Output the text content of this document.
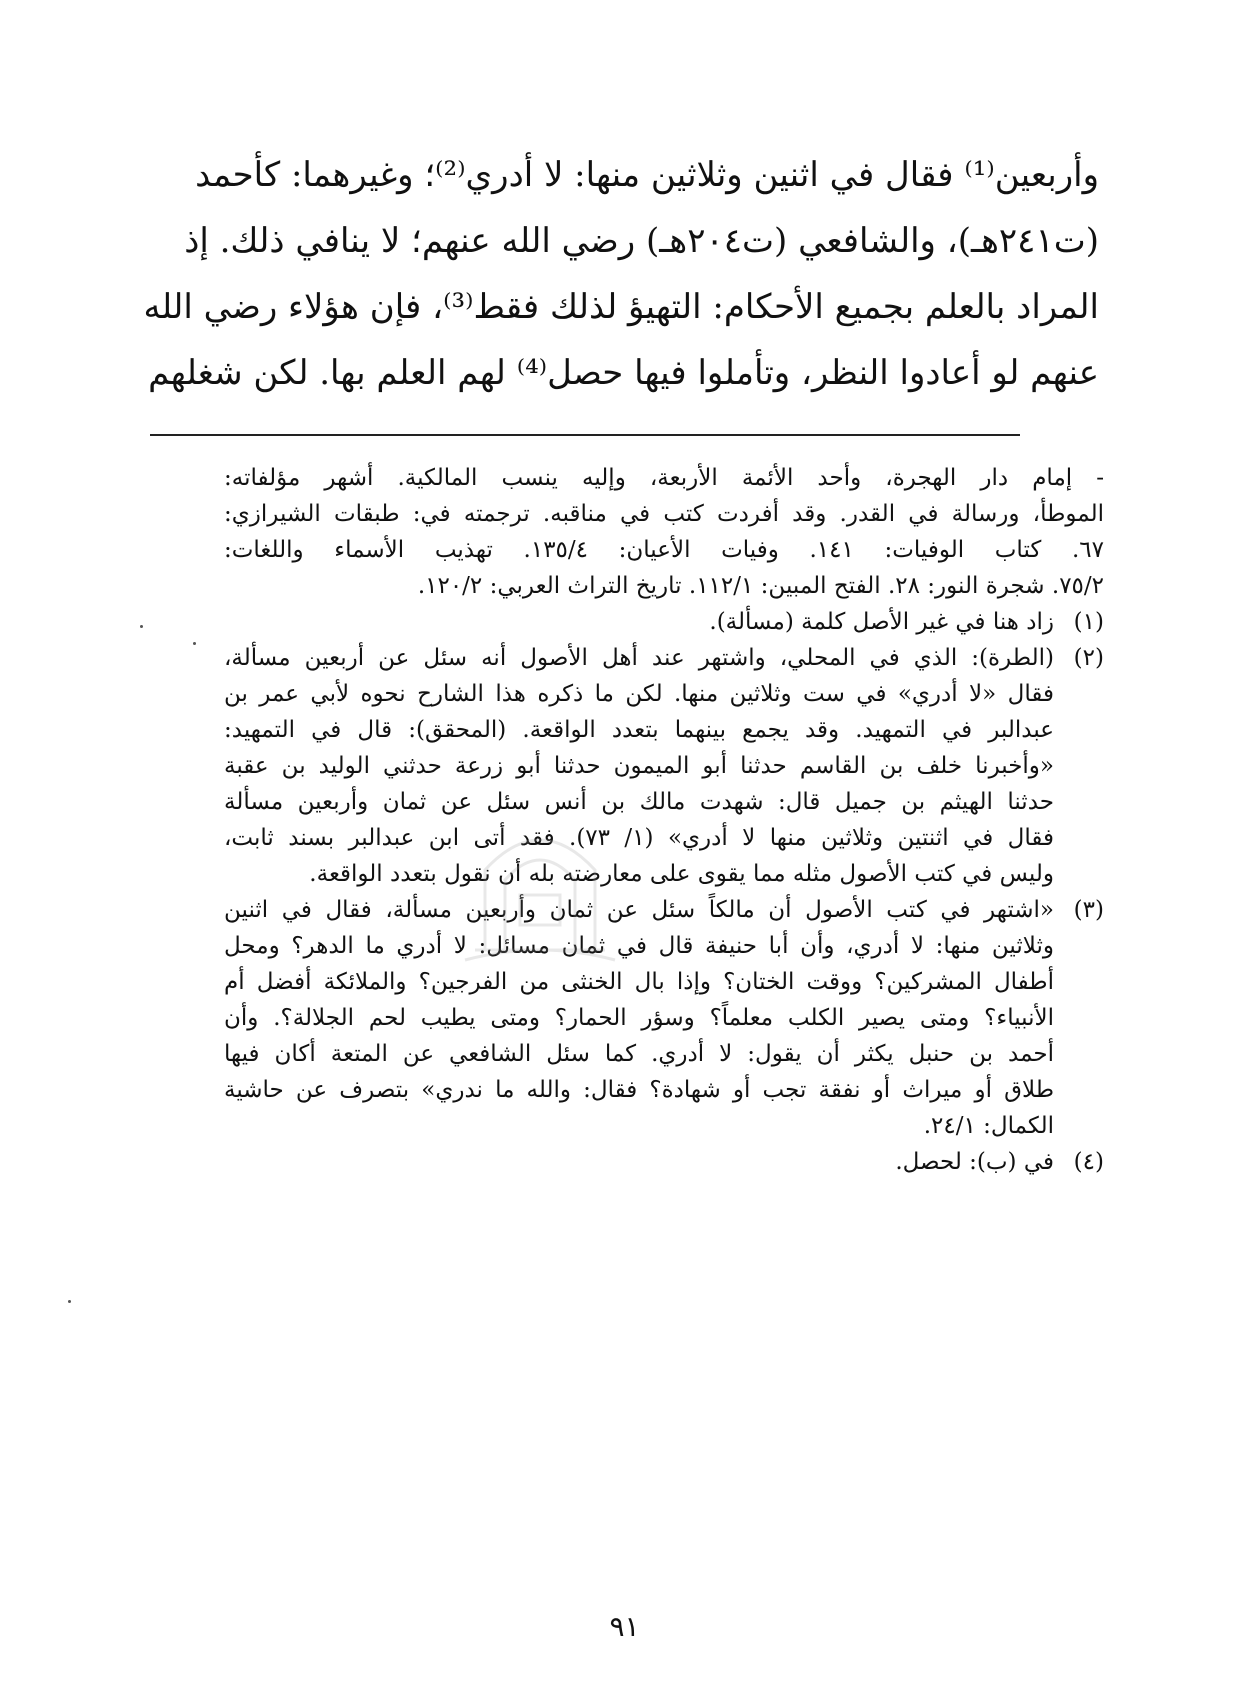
وأربعين⁽¹⁾ فقال في اثنين وثلاثين منها: لا أدري⁽²⁾؛ وغيرهما: كأحمد
(ت٢٤١هـ)، والشافعي (ت٢٠٤هـ) رضي الله عنهم؛ لا ينافي ذلك. إذ
المراد بالعلم بجميع الأحكام: التهيؤ لذلك فقط⁽³⁾، فإن هؤلاء رضي الله
عنهم لو أعادوا النظر، وتأملوا فيها حصل⁽⁴⁾ لهم العلم بها. لكن شغلهم
- إمام دار الهجرة، وأحد الأئمة الأربعة، وإليه ينسب المالكية. أشهر مؤلفاته:
الموطأ، ورسالة في القدر. وقد أفردت كتب في مناقبه. ترجمته في: طبقات الشيرازي:
٦٧. كتاب الوفيات: ١٤١. وفيات الأعيان: ١٣٥/٤. تهذيب الأسماء واللغات:
٧٥/٢. شجرة النور: ٢٨. الفتح المبين: ١١٢/١. تاريخ التراث العربي: ١٢٠/٢.
(١)زاد هنا في غير الأصل كلمة (مسألة).
(٢)(الطرة): الذي في المحلي، واشتهر عند أهل الأصول أنه سئل عن أربعين مسألة،
فقال «لا أدري» في ست وثلاثين منها. لكن ما ذكره هذا الشارح نحوه لأبي عمر بن
عبدالبر في التمهيد. وقد يجمع بينهما بتعدد الواقعة. (المحقق): قال في التمهيد:
«وأخبرنا خلف بن القاسم حدثنا أبو الميمون حدثنا أبو زرعة حدثني الوليد بن عقبة
حدثنا الهيثم بن جميل قال: شهدت مالك بن أنس سئل عن ثمان وأربعين مسألة
فقال في اثنتين وثلاثين منها لا أدري» (١/ ٧٣). فقد أتى ابن عبدالبر بسند ثابت،
وليس في كتب الأصول مثله مما يقوى على معارضته بله أن نقول بتعدد الواقعة.
(٣)«اشتهر في كتب الأصول أن مالكاً سئل عن ثمان وأربعين مسألة، فقال في اثنين
وثلاثين منها: لا أدري، وأن أبا حنيفة قال في ثمان مسائل: لا أدري ما الدهر؟ ومحل
أطفال المشركين؟ ووقت الختان؟ وإذا بال الخنثى من الفرجين؟ والملائكة أفضل أم
الأنبياء؟ ومتى يصير الكلب معلماً؟ وسؤر الحمار؟ ومتى يطيب لحم الجلالة؟. وأن
أحمد بن حنبل يكثر أن يقول: لا أدري. كما سئل الشافعي عن المتعة أكان فيها
طلاق أو ميراث أو نفقة تجب أو شهادة؟ فقال: والله ما ندري» بتصرف عن حاشية
الكمال: ٢٤/١.
(٤)في (ب): لحصل.
٩١
